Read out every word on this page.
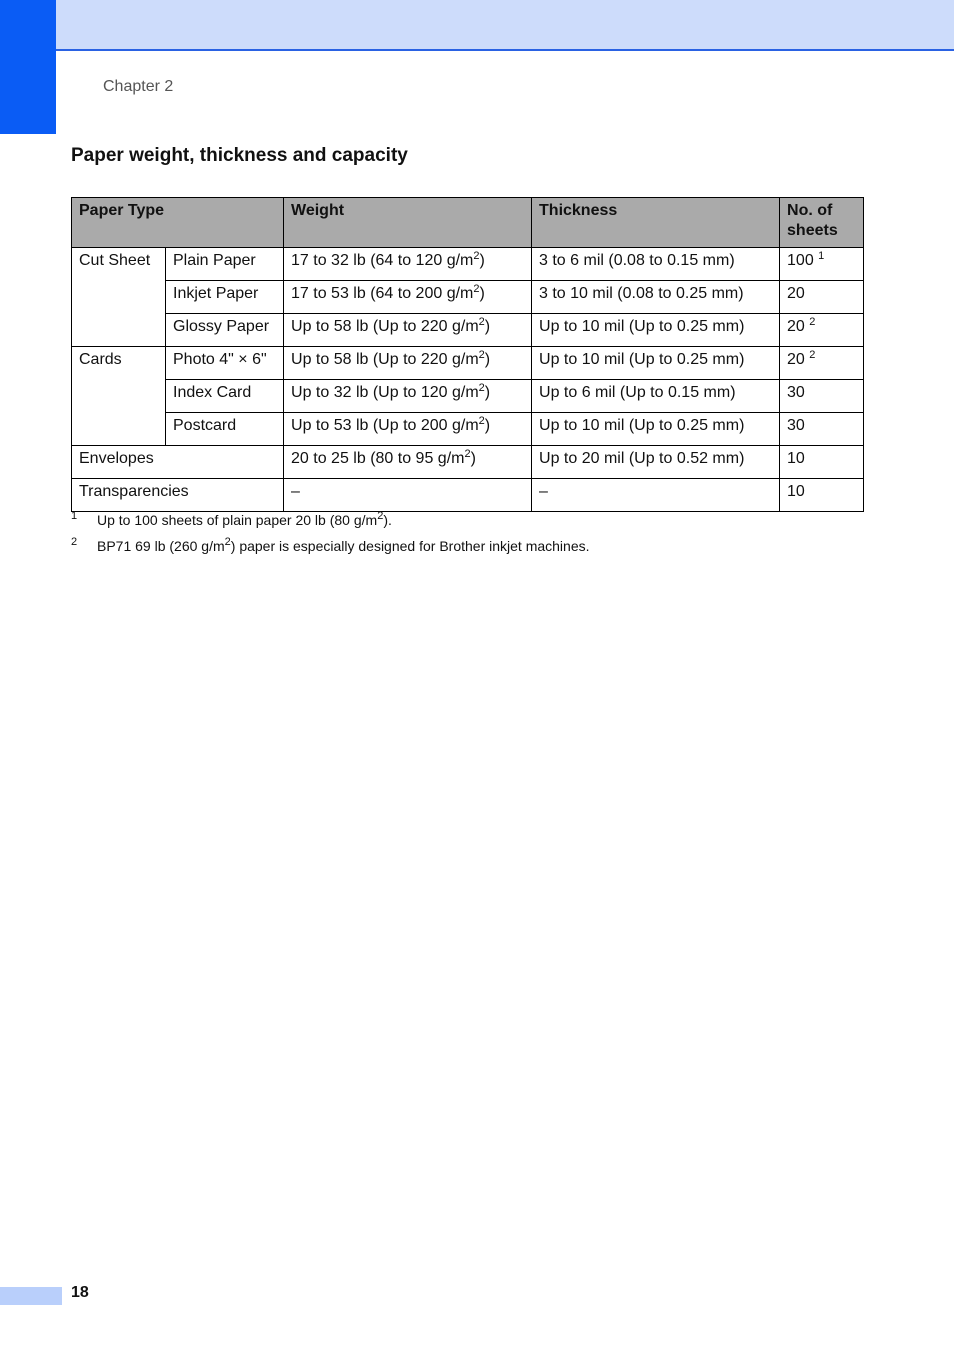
Chapter 2
Paper weight, thickness and capacity
Paper Type		Weight	Thickness	No. of
sheets
Cut Sheet	Plain Paper	17 to 32 lb (64 to 120 $g/m^2$)	3 to 6 mil (0.08 to 0.15 mm)	100 $^1$
	Inkjet Paper	17 to 53 lb (64 to 200 $g/m^2$)	3 to 10 mil (0.08 to 0.25 mm)	20
	Glossy Paper	Up to 58 lb (Up to 220 $g/m^2$)	Up to 10 mil (Up to 0.25 mm)	20 $^2$
Cards	Photo 4" × 6"	Up to 58 lb (Up to 220 $g/m^2$)	Up to 10 mil (Up to 0.25 mm)	20 $^2$
	Index Card	Up to 32 lb (Up to 120 $g/m^2$)	Up to 6 mil (Up to 0.15 mm)	30
	Postcard	Up to 53 lb (Up to 200 $g/m^2$)	Up to 10 mil (Up to 0.25 mm)	30
Envelopes		20 to 25 lb (80 to 95 $g/m^2$)	Up to 20 mil (Up to 0.52 mm)	10
Transparencies		–	–	10
1 Up to 100 sheets of plain paper 20 lb (80 $g/m^2$).
2 BP71 69 lb (260 $g/m^2$) paper is especially designed for Brother inkjet machines.
18
